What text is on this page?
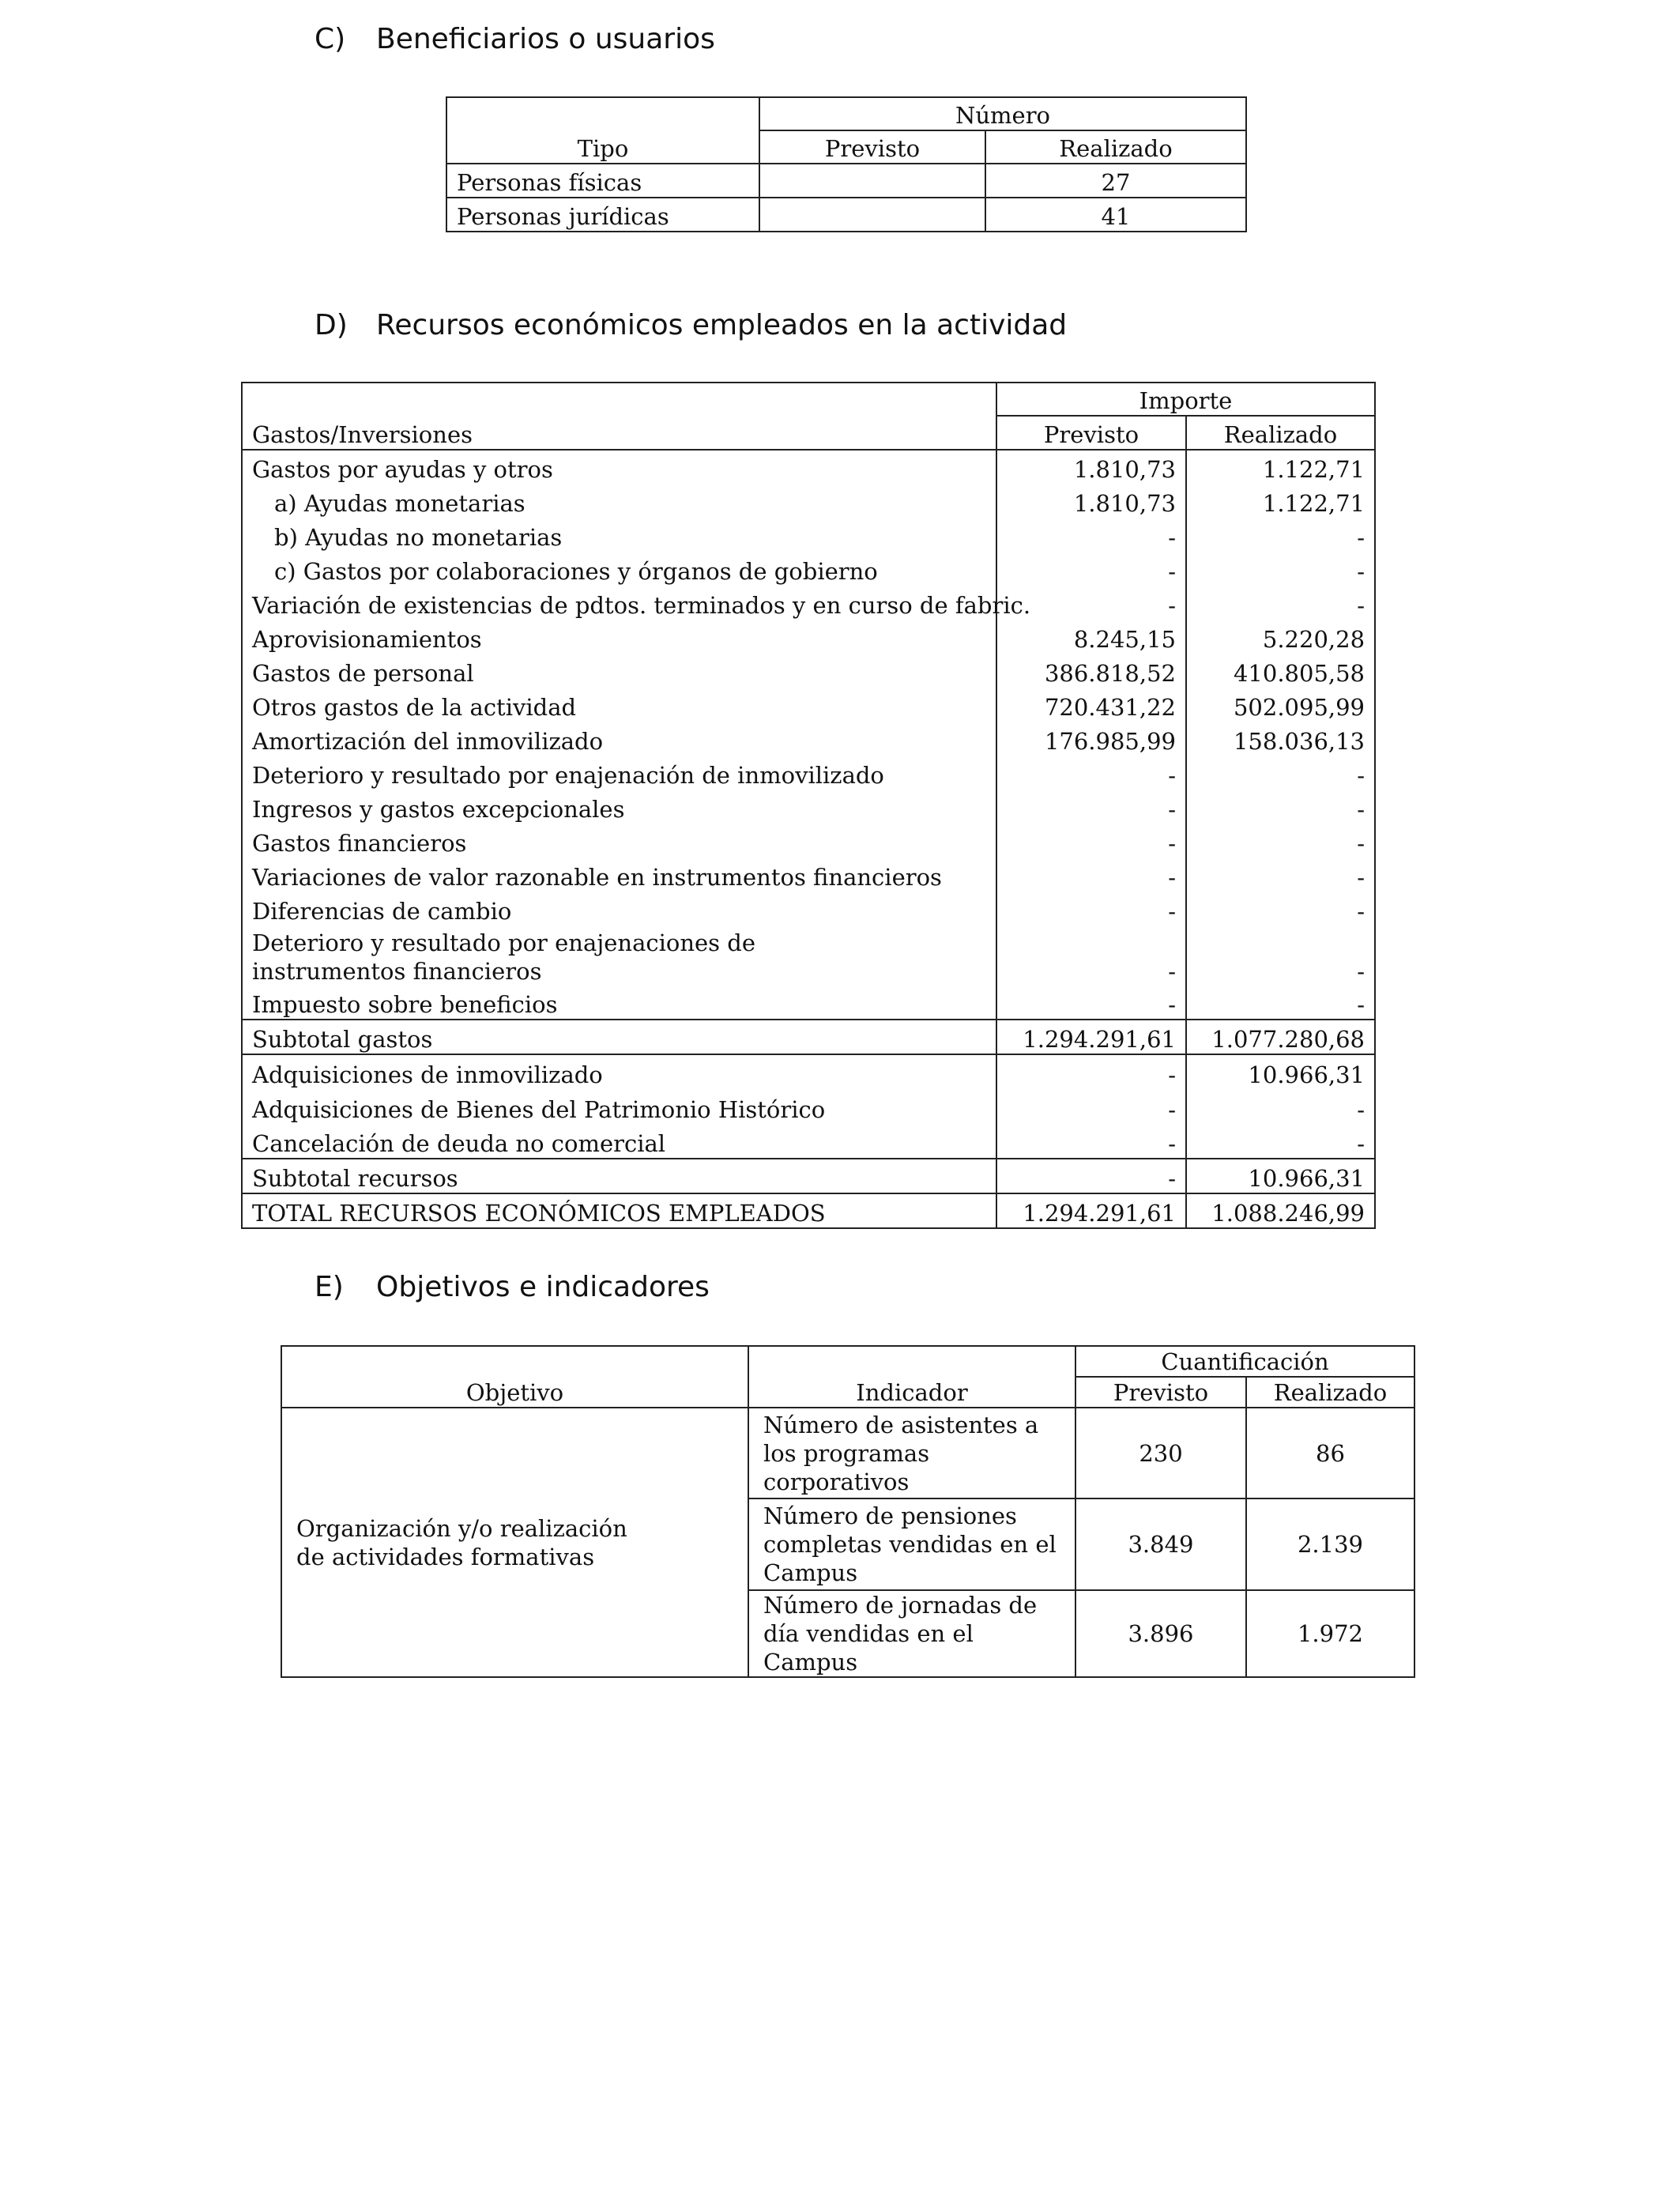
C) Beneficiarios o usuarios
Tipo	Número	
	Previsto	Realizado
Personas físicas		27
Personas jurídicas		41
D) Recursos económicos empleados en la actividad
Gastos/Inversiones	Importe	
	Previsto	Realizado
Gastos por ayudas y otros	1.810,73	1.122,71
a) Ayudas monetarias	1.810,73	1.122,71
b) Ayudas no monetarias	-	-
c) Gastos por colaboraciones y órganos de gobierno	-	-
Variación de existencias de pdtos. terminados y en curso de fabric.	-	-
Aprovisionamientos	8.245,15	5.220,28
Gastos de personal	386.818,52	410.805,58
Otros gastos de la actividad	720.431,22	502.095,99
Amortización del inmovilizado	176.985,99	158.036,13
Deterioro y resultado por enajenación de inmovilizado	-	-
Ingresos y gastos excepcionales	-	-
Gastos financieros	-	-
Variaciones de valor razonable en instrumentos financieros	-	-
Diferencias de cambio	-	-
Deterioro y resultado por enajenaciones de instrumentos financieros	-	-
Impuesto sobre beneficios	-	-
Subtotal gastos	1.294.291,61	1.077.280,68
Adquisiciones de inmovilizado	-	10.966,31
Adquisiciones de Bienes del Patrimonio Histórico	-	-
Cancelación de deuda no comercial	-	-
Subtotal recursos	-	10.966,31
TOTAL RECURSOS ECONÓMICOS EMPLEADOS	1.294.291,61	1.088.246,99
E) Objetivos e indicadores
Objetivo	Indicador	Cuantificación	
		Previsto	Realizado
Organización y/o realización de actividades formativas	Número de asistentes a los programas corporativos	230	86
	Número de pensiones completas vendidas en el Campus	3.849	2.139
	Número de jornadas de día vendidas en el Campus	3.896	1.972
